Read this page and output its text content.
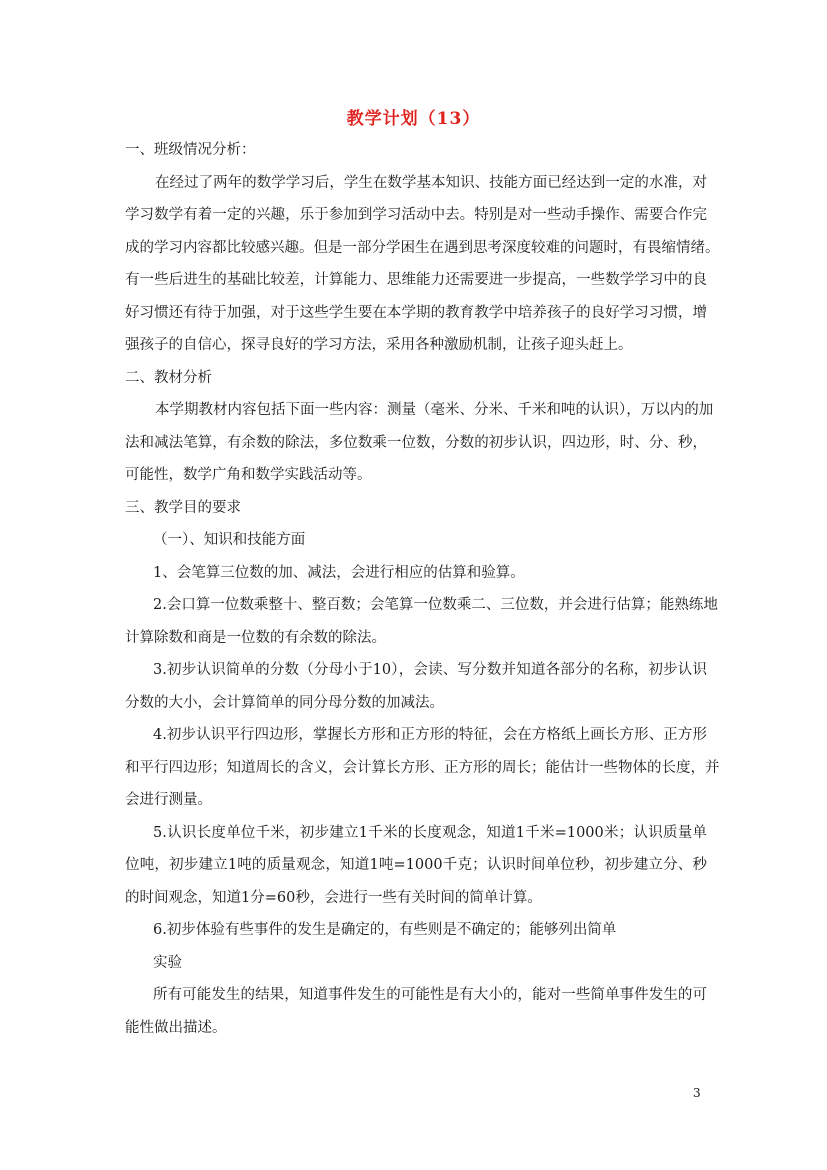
教学计划（13）
一、班级情况分析：
在经过了两年的数学学习后，学生在数学基本知识、技能方面已经达到一定的水准，对
学习数学有着一定的兴趣，乐于参加到学习活动中去。特别是对一些动手操作、需要合作完
成的学习内容都比较感兴趣。但是一部分学困生在遇到思考深度较难的问题时，有畏缩情绪。
有一些后进生的基础比较差，计算能力、思维能力还需要进一步提高，一些数学学习中的良
好习惯还有待于加强，对于这些学生要在本学期的教育教学中培养孩子的良好学习习惯，增
强孩子的自信心，探寻良好的学习方法，采用各种激励机制，让孩子迎头赶上。
二、教材分析
本学期教材内容包括下面一些内容：测量（毫米、分米、千米和吨的认识），万以内的加
法和减法笔算，有余数的除法，多位数乘一位数，分数的初步认识，四边形，时、分、秒，
可能性，数学广角和数学实践活动等。
三、教学目的要求
（一）、知识和技能方面
1、会笔算三位数的加、减法，会进行相应的估算和验算。
2.会口算一位数乘整十、整百数；会笔算一位数乘二、三位数，并会进行估算；能熟练地
计算除数和商是一位数的有余数的除法。
3.初步认识简单的分数（分母小于10），会读、写分数并知道各部分的名称，初步认识
分数的大小，会计算简单的同分母分数的加减法。
4.初步认识平行四边形，掌握长方形和正方形的特征，会在方格纸上画长方形、正方形
和平行四边形；知道周长的含义，会计算长方形、正方形的周长；能估计一些物体的长度，并
会进行测量。
5.认识长度单位千米，初步建立1千米的长度观念，知道1千米=1000米；认识质量单
位吨，初步建立1吨的质量观念，知道1吨=1000千克；认识时间单位秒，初步建立分、秒
的时间观念，知道1分=60秒，会进行一些有关时间的简单计算。
6.初步体验有些事件的发生是确定的，有些则是不确定的；能够列出简单
实验
所有可能发生的结果，知道事件发生的可能性是有大小的，能对一些简单事件发生的可
能性做出描述。
3
